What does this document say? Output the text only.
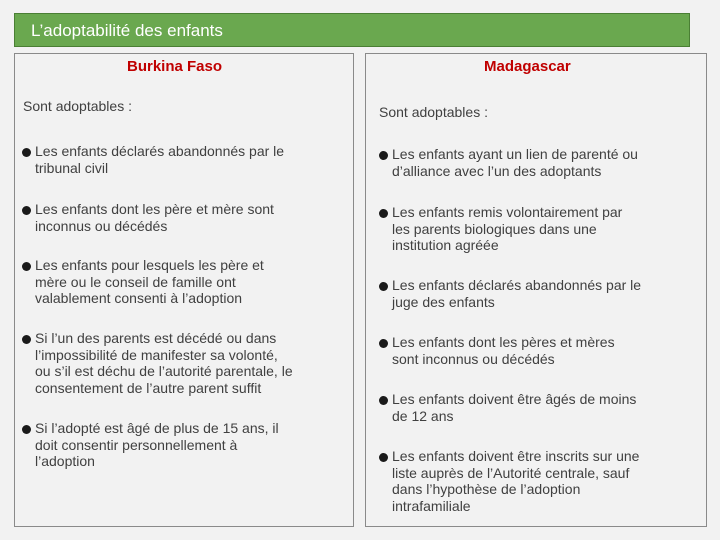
L’adoptabilité des enfants
Burkina Faso
Sont adoptables :
Les enfants déclarés abandonnés par le
tribunal civil
Les enfants dont les père et mère sont
inconnus ou décédés
Les enfants pour lesquels les père et
mère ou le conseil de famille ont
valablement consenti à l’adoption
Si l’un des parents est décédé ou dans
l’impossibilité de manifester sa volonté,
ou s’il est déchu de l’autorité parentale, le
consentement de l’autre parent suffit
Si l’adopté est âgé de plus de 15 ans, il
doit consentir personnellement à
l’adoption
Madagascar
Sont adoptables :
Les enfants ayant un lien de parenté ou
d’alliance avec l’un des adoptants
Les enfants remis volontairement par
les parents biologiques dans une
institution agréée
Les enfants déclarés abandonnés par le
juge des enfants
Les enfants dont les pères et mères
sont inconnus ou décédés
Les enfants doivent être âgés de moins
de 12 ans
Les enfants doivent être inscrits sur une
liste auprès de l’Autorité centrale, sauf
dans l’hypothèse de l’adoption
intrafamiliale
